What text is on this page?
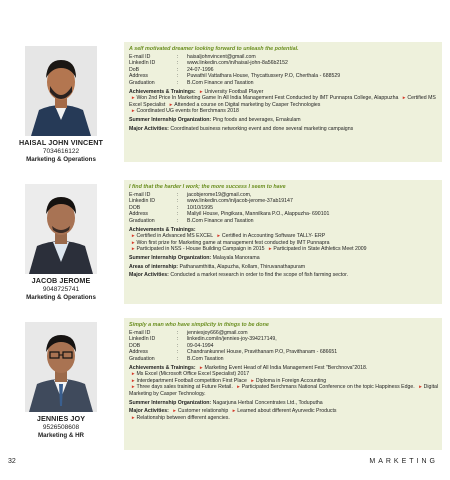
HAISAL JOHN VINCENT
7034616122
Marketing & Operations
A self motivated dreamer looking forward to unleash the potential.
E-mail ID	:	haisaljohnvincent@gmail.com
LinkedIn ID	:	www.linkedin.com/in/haisal-john-8a56b2152
DoB	:	24-07-1996
Address	:	Puwathil Vattathara House, Thycattussery P.O, Cherthala - 688529
Graduation	:	B.Com Finance and Taxation
Achievements & Trainings: ►University Football Player
►Won 2nd Price In Marketing Game In All India Management Fest Conducted by IMT Punnapra College, Alappuzha ►Certified MS Excel Specialist ►Attended a course on Digital marketing by Casper Technologies
►Coordinated UG events for Berchmans 2018
Summer Internship Organization: Ping foods and beverages, Ernakulam
Major Activities: Coordinated business networking event and done several marketing campaigns
JACOB JEROME
9048725741
Marketing & Operations
I find that the harder I work; the more success I seem to have
E-mail ID	:	jacobjerome19@gmail.com,
Linkedin ID	:	www.linkedin.com/in/jacob-jerome-37ab19147
DOB	:	10/10/1995
Address	:	Maliyil House, Pingikara, Mannilkara P.O., Alappuzha- 690101
Graduation	:	B.Com Finance and Taxation
Achievements & Trainings:
►Certified in Advanced MS EXCEL ►Certified in Accounting Software TALLY- ERP
►Won first prize for Marketing game at management fest conducted by IMT Punnapra
►Participated in NSS - House Building Campaign in 2015 ►Participated in State Athletics Meet 2009
Summer Internship Organization: Malayala Manorama
Areas of internship: Pathanamthitta, Alapuzha, Kollam, Thiruvanathapuram
Major Activities: Conducted a market research in order to find the scope of fish farming sector.
JENNIES JOY
9526508608
Marketing & HR
Simply a man who have simplicity in things to be done
E-mail ID	:	jenniesjoy666@gmail.com
LinkedIn ID	:	linkedin.com/in/jennies-joy-394217149,
DOB	:	09-04-1994
Address	:	Chandrankunnel House, Pravithanam P.O, Pravithanam - 686651
Graduation	:	B.Com Taxation
Achievements & Trainings: ►Marketing Event Head of All India Management Fest "Berchnova"2018.
►Ms Excel (Microsoft Office Excel Specialist) 2017
►Interdepartment Football competition First Place ►Diploma in Foreign Accounting
►Three days sales training at Future Retail. ►Participated Berchmans National Conference on the topic Happiness Edge. ►Digital Marketing by Casper Technology.
Summer Internship Organization: Nagarjuna Herbal Concentrates Ltd., Toduputha
Major Activities: ►Customer relationship ►Learned about different Ayurvedic Products
►Relationship between different agencies.
32	MARKETING
